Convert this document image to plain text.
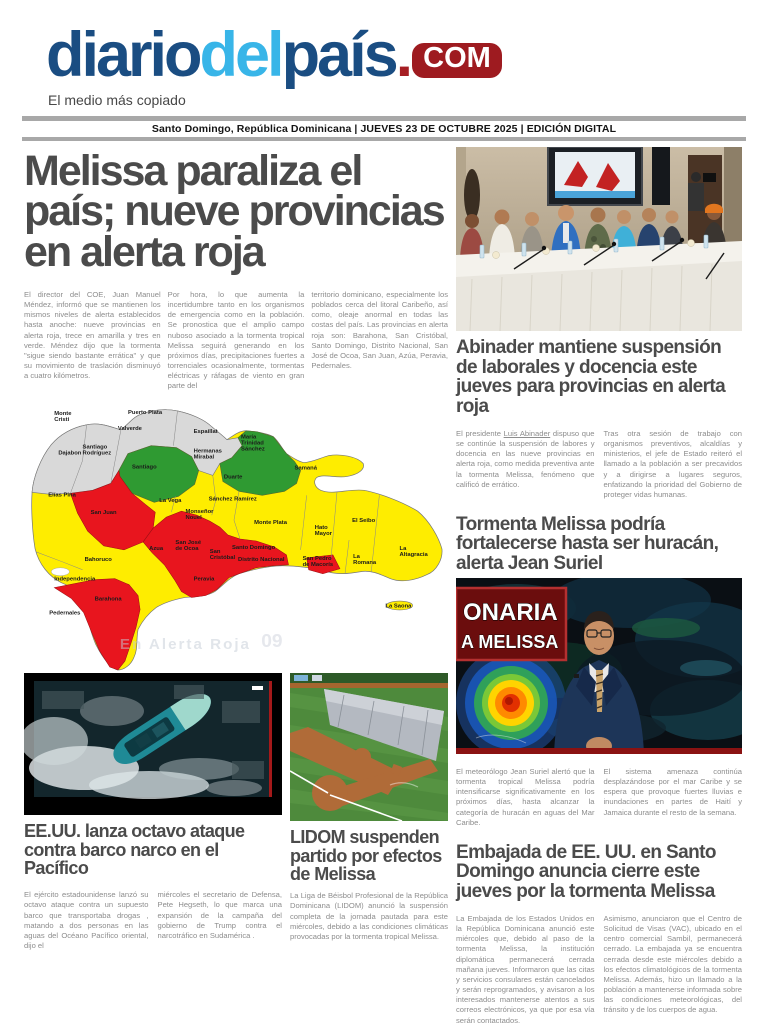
diariodelpaís. COM
El medio más copiado
Santo Domingo, República Dominicana | JUEVES 23 DE OCTUBRE 2025 | EDICIÓN DIGITAL
Melissa paraliza el país; nueve provincias en alerta roja

El director del COE, Juan Manuel Méndez, informó que se mantienen los mismos niveles de alerta establecidos hasta anoche: nueve provincias en alerta roja, trece en amarilla y tres en verde. Méndez dijo que la tormenta "sigue siendo bastante errática" y que su movimiento de traslación disminuyó a cuatro kilómetros.

Por hora, lo que aumenta la incertidumbre tanto en los organismos de emergencia como en la población. Se pronostica que el amplio campo nuboso asociado a la tormenta tropical Melissa seguirá generando en los próximos días, precipitaciones fuertes a torrenciales ocasionalmente, tormentas eléctricas y ráfagas de viento en gran parte del

territorio dominicano, especialmente los poblados cerca del litoral Caribeño, así como, oleaje anormal en todas las costas del país. Las provincias en alerta roja son: Barahona, San Cristóbal, Santo Domingo, Distrito Nacional, San José de Ocoa, San Juan, Azúa, Peravia, Pedernales.

En Alerta Roja 09
Monte Cristi
Puerto Plata
Valverde
Espaillat
Dajabon
Santiago Rodríguez	Hermanas Mirabal
María Trinidad Sánchez
Santiago
Duarte
Samaná
Elías Pina
San Juan
La Vega
Monseñor Nouel
Sánchez Ramírez
Monte Plata
Hato Mayor
El Seibo
La Altagracia
La Romana
San Pedro de Macorís
Santo Domingo
Distrito Nacional
San Cristóbal
San José de Ocoa
Azua
Peravia
Bahoruco
Independencia
Barahona
Pedernales
La Saona
EE.UU. lanza octavo ataque contra barco narco en el Pacífico

El ejército estadounidense lanzó su octavo ataque contra un supuesto barco que transportaba drogas , matando a dos personas en las aguas del Océano Pacífico oriental, dijo el

miércoles el secretario de Defensa, Pete Hegseth, lo que marca una expansión de la campaña del gobierno de Trump contra el narcotráfico en Sudamérica .

LIDOM suspenden partido por efectos de Melissa

La Liga de Béisbol Profesional de la República Dominicana (LIDOM) anunció la suspensión completa de la jornada pautada para este miércoles, debido a las condiciones climáticas provocadas por la tormenta tropical Melissa.

Abinader mantiene suspensión de laborales y docencia este jueves para provincias en alerta roja

El presidente Luis Abinader dispuso que se continúe la suspensión de labores y docencia en las nueve provincias en alerta roja, como medida preventiva ante la tormenta Melissa, fenómeno que calificó de errático.

Tras otra sesión de trabajo con organismos preventivos, alcaldías y ministerios, el jefe de Estado reiteró el llamado a la población a ser precavidos y a dirigirse a lugares seguros, enfatizando la prioridad del Gobierno de proteger vidas humanas.

Tormenta Melissa podría fortalecerse hasta ser huracán, alerta Jean Suriel
ONARIA
A MELISSA

El meteorólogo Jean Suriel alertó que la tormenta tropical Melissa podría intensificarse significativamente en los próximos días, hasta alcanzar la categoría de huracán en aguas del Mar Caribe.

El sistema amenaza continúa desplazándose por el mar Caribe y se espera que provoque fuertes lluvias e inundaciones en partes de Haití y Jamaica durante el resto de la semana.

Embajada de EE. UU. en Santo Domingo anuncia cierre este jueves por la tormenta Melissa

La Embajada de los Estados Unidos en la República Dominicana anunció este miércoles que, debido al paso de la tormenta Melissa, la institución diplomática permanecerá cerrada mañana jueves. Informaron que las citas y servicios consulares están cancelados y serán reprogramados, y avisaron a los interesados mantenerse atentos a sus correos electrónicos, ya que por esa vía serán contactados.

Asimismo, anunciaron que el Centro de Solicitud de Visas (VAC), ubicado en el centro comercial Sambil, permanecerá cerrado. La embajada ya se encuentra cerrada desde este miércoles debido a los efectos climatológicos de la tormenta Melissa. Además, hizo un llamado a la población a mantenerse informada sobre las condiciones meteorológicas, del tránsito y de los cuerpos de agua.
